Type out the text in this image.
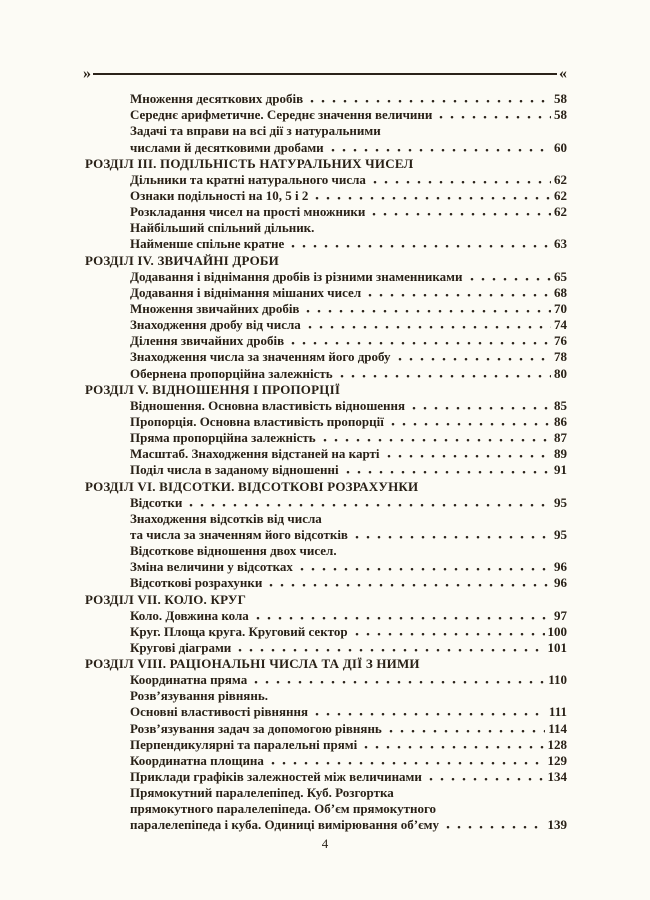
»	«
Множення десяткових дробів	58
Середнє арифметичне. Середнє значення величини	58
Задачі та вправи на всі дії з натуральними
числами й десятковими дробами	60
РОЗДІЛ III. ПОДІЛЬНІСТЬ НАТУРАЛЬНИХ ЧИСЕЛ
Дільники та кратні натурального числа	62
Ознаки подільності на 10, 5 і 2	62
Розкладання чисел на прості множники	62
Найбільший спільний дільник.
Найменше спільне кратне	63
РОЗДІЛ IV. ЗВИЧАЙНІ ДРОБИ
Додавання і віднімання дробів із різними знаменниками	65
Додавання і віднімання мішаних чисел	68
Множення звичайних дробів	70
Знаходження дробу від числа	74
Ділення звичайних дробів	76
Знаходження числа за значенням його дробу	78
Обернена пропорційна залежність	80
РОЗДІЛ V. ВІДНОШЕННЯ І ПРОПОРЦІЇ
Відношення. Основна властивість відношення	85
Пропорція. Основна властивість пропорції	86
Пряма пропорційна залежність	87
Масштаб. Знаходження відстаней на карті	89
Поділ числа в заданому відношенні	91
РОЗДІЛ VI. ВІДСОТКИ. ВІДСОТКОВІ РОЗРАХУНКИ
Відсотки	95
Знаходження відсотків від числа
та числа за значенням його відсотків	95
Відсоткове відношення двох чисел.
Зміна величини у відсотках	96
Відсоткові розрахунки	96
РОЗДІЛ VII. КОЛО. КРУГ
Коло. Довжина кола	97
Круг. Площа круга. Круговий сектор	100
Кругові діаграми	101
РОЗДІЛ VIII. РАЦІОНАЛЬНІ ЧИСЛА ТА ДІЇ З НИМИ
Координатна пряма	110
Розв’язування рівнянь.
Основні властивості рівняння	111
Розв’язування задач за допомогою рівнянь	114
Перпендикулярні та паралельні прямі	128
Координатна площина	129
Приклади графіків залежностей між величинами	134
Прямокутний паралелепіпед. Куб. Розгортка
прямокутного паралелепіпеда. Об’єм прямокутного
паралелепіпеда і куба. Одиниці вимірювання об’єму	139
4
